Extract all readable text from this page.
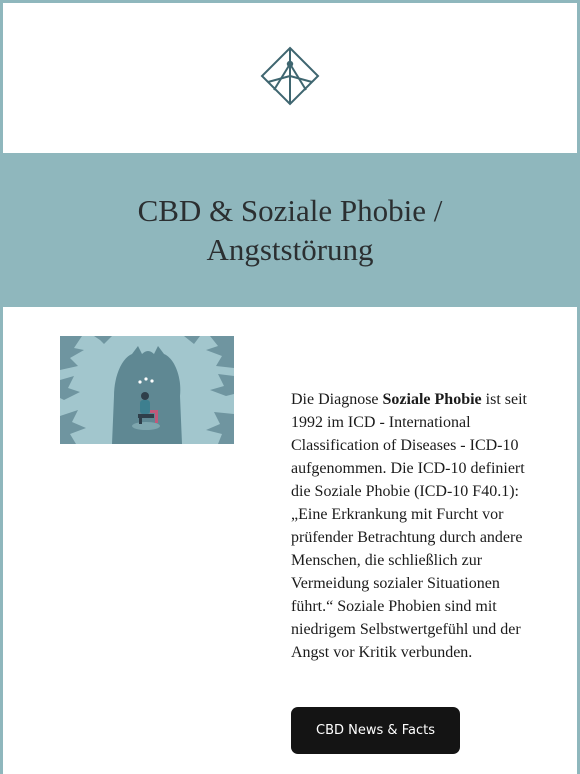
CBD & Soziale Phobie /
Angststörung

Die Diagnose Soziale Phobie ist seit 1992 im ICD - International Classification of Diseases - ICD-10 aufgenommen. Die ICD-10 definiert die Soziale Phobie (ICD-10 F40.1): „Eine Erkrankung mit Furcht vor prüfender Betrachtung durch andere Menschen, die schließlich zur Vermeidung sozialer Situationen führt.“ Soziale Phobien sind mit niedrigem Selbstwertgefühl und der Angst vor Kritik verbunden.

CBD News & Facts
